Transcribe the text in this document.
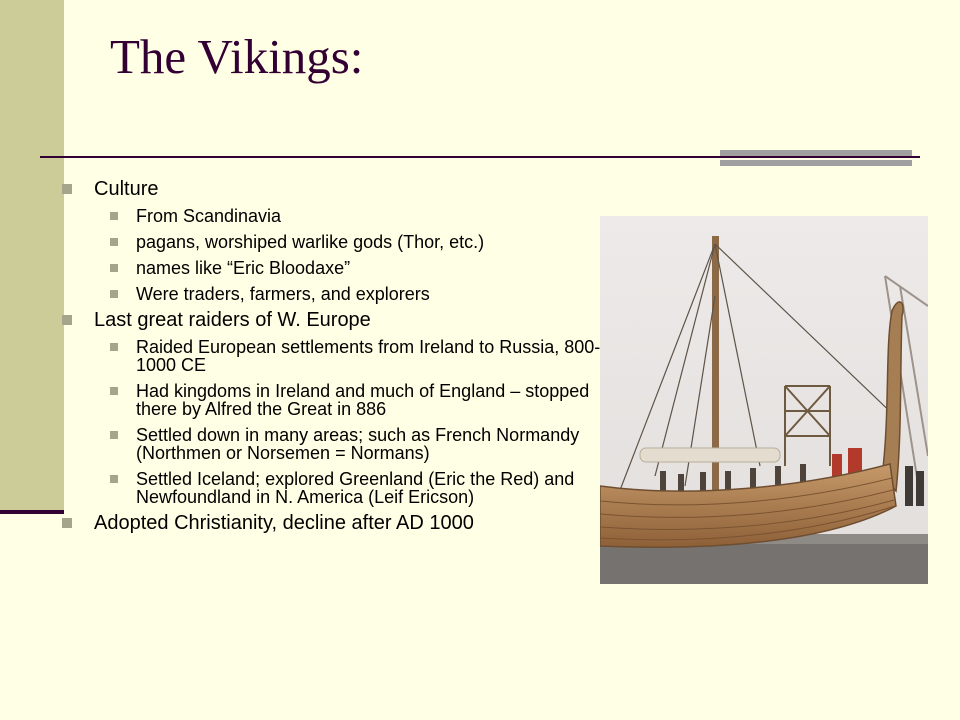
The Vikings:
Culture
From Scandinavia
pagans, worshiped warlike gods (Thor, etc.)
names like “Eric Bloodaxe”
Were traders, farmers, and explorers
Last great raiders of W. Europe
Raided European settlements from Ireland to Russia, 800-1000 CE
Had kingdoms in Ireland and much of England – stopped there by Alfred the Great in 886
Settled down in many areas; such as French Normandy (Northmen or Norsemen = Normans)
Settled Iceland; explored Greenland (Eric the Red) and Newfoundland in N. America (Leif Ericson)
Adopted Christianity, decline after AD 1000
